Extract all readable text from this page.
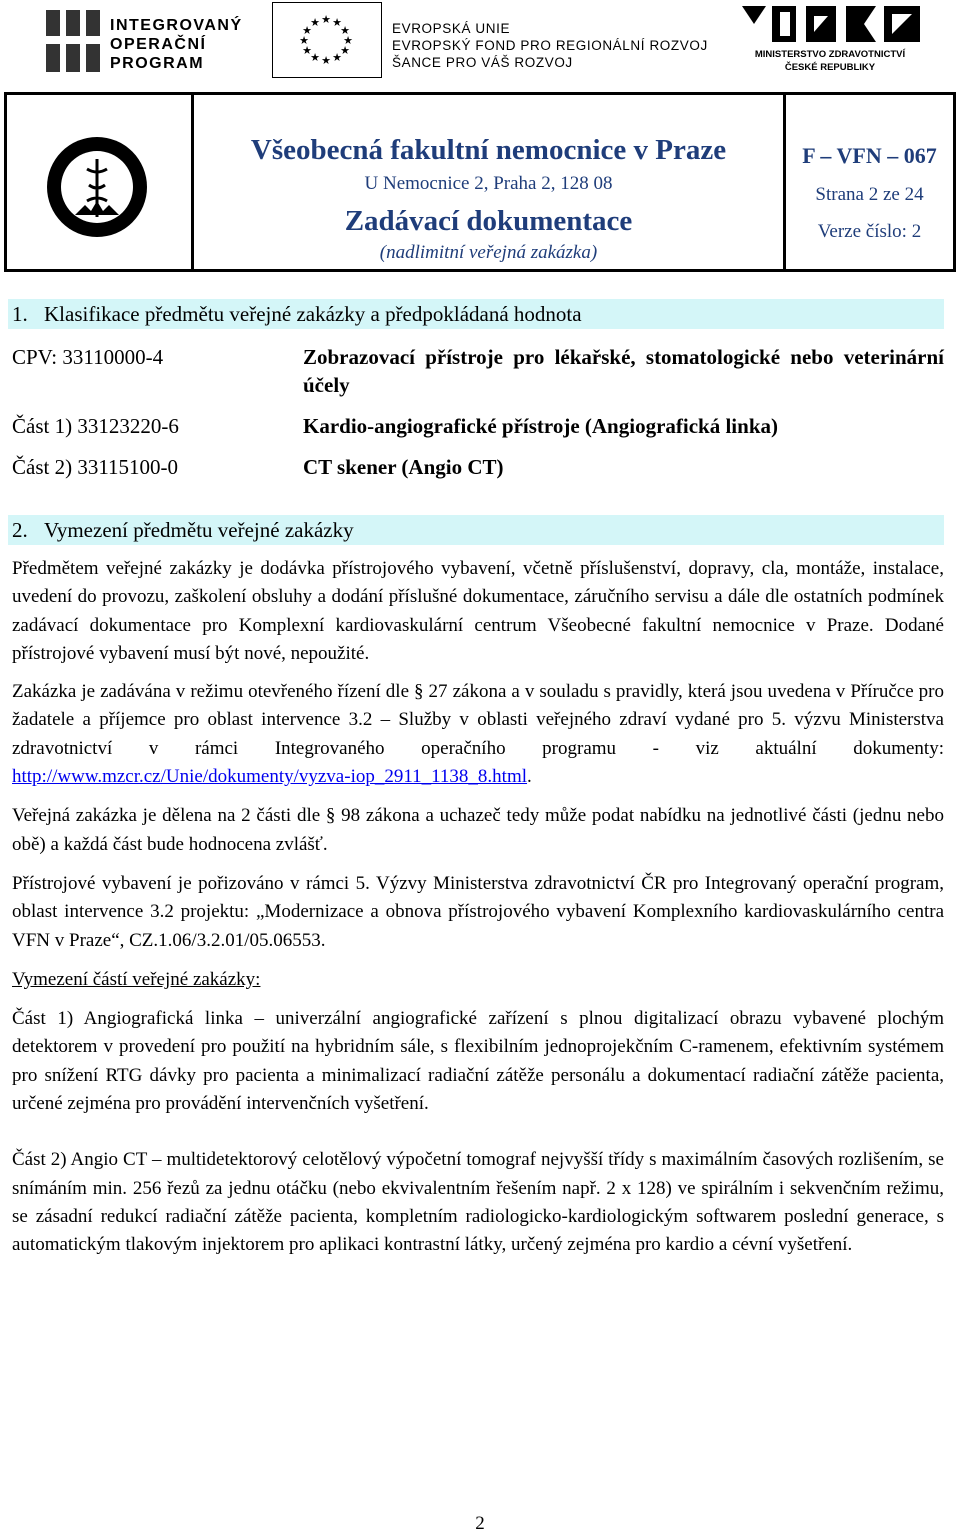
INTEGROVANÝ
OPERAČNÍ
PROGRAM
★ ★
★
★
★
★
★
★
★
★
★
★	EVROPSKÁ UNIE
EVROPSKÝ FOND PRO REGIONÁLNÍ ROZVOJ
ŠANCE PRO VÁŠ ROZVOJ
MINISTERSTVO ZDRAVOTNICTVÍ
ČESKÉ REPUBLIKY
Všeobecná fakultní nemocnice v Praze
U Nemocnice 2, Praha 2, 128 08
Zadávací dokumentace
(nadlimitní veřejná zakázka)
F – VFN – 067
Strana 2 ze 24
Verze číslo: 2
1. Klasifikace předmětu veřejné zakázky a předpokládaná hodnota
CPV: 33110000-4	Zobrazovací přístroje pro lékařské, stomatologické nebo veterinární účely
Část 1) 33123220-6	Kardio-angiografické přístroje (Angiografická linka)
Část 2) 33115100-0	CT skener (Angio CT)
2. Vymezení předmětu veřejné zakázky

Předmětem veřejné zakázky je dodávka přístrojového vybavení, včetně příslušenství, dopravy, cla, montáže, instalace, uvedení do provozu, zaškolení obsluhy a dodání příslušné dokumentace, záručního servisu a dále dle ostatních podmínek zadávací dokumentace pro Komplexní kardiovaskulární centrum Všeobecné fakultní nemocnice v Praze. Dodané přístrojové vybavení musí být nové, nepoužité.

Zakázka je zadávána v režimu otevřeného řízení dle § 27 zákona a v souladu s pravidly, která jsou uvedena v Příručce pro žadatele a příjemce pro oblast intervence 3.2 – Služby v oblasti veřejného zdraví vydané pro 5. výzvu Ministerstva zdravotnictví v rámci Integrovaného operačního programu - viz aktuální dokumenty: http://www.mzcr.cz/Unie/dokumenty/vyzva-iop_2911_1138_8.html.

Veřejná zakázka je dělena na 2 části dle § 98 zákona a uchazeč tedy může podat nabídku na jednotlivé části (jednu nebo obě) a každá část bude hodnocena zvlášť.

Přístrojové vybavení je pořizováno v rámci 5. Výzvy Ministerstva zdravotnictví ČR pro Integrovaný operační program, oblast intervence 3.2 projektu: „Modernizace a obnova přístrojového vybavení Komplexního kardiovaskulárního centra VFN v Praze“, CZ.1.06/3.2.01/05.06553.

Vymezení částí veřejné zakázky:

Část 1) Angiografická linka – univerzální angiografické zařízení s plnou digitalizací obrazu vybavené plochým detektorem v provedení pro použití na hybridním sále, s flexibilním jednoprojekčním C-ramenem, efektivním systémem pro snížení RTG dávky pro pacienta a minimalizací radiační zátěže personálu a dokumentací radiační zátěže pacienta, určené zejména pro provádění intervenčních vyšetření.

Část 2) Angio CT – multidetektorový celotělový výpočetní tomograf nejvyšší třídy s maximálním časových rozlišením, se snímáním min. 256 řezů za jednu otáčku (nebo ekvivalentním řešením např. 2 x 128) ve spirálním i sekvenčním režimu, se zásadní redukcí radiační zátěže pacienta, kompletním radiologicko-kardiologickým softwarem poslední generace, s automatickým tlakovým injektorem pro aplikaci kontrastní látky, určený zejména pro kardio a cévní vyšetření.

2
